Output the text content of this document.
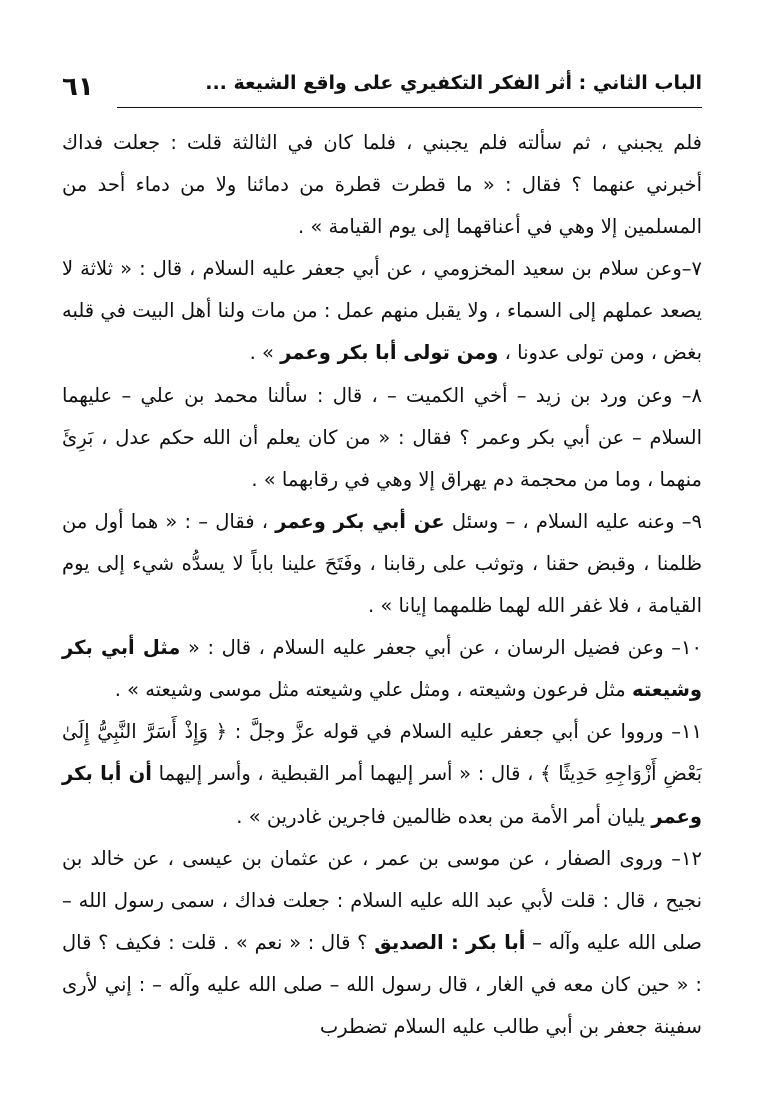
٦١	الباب الثاني : أثر الفكر التكفيري على واقع الشيعة ...

فلم يجبني ، ثم سألته فلم يجبني ، فلما كان في الثالثة قلت : جعلت فداك أخبرني عنهما ؟ فقال : « ما قطرت قطرة من دمائنا ولا من دماء أحد من المسلمين إلا وهي في أعناقهما إلى يوم القيامة » .

٧–وعن سلام بن سعيد المخزومي ، عن أبي جعفر عليه السلام ، قال : « ثلاثة لا يصعد عملهم إلى السماء ، ولا يقبل منهم عمل : من مات ولنا أهل البيت في قلبه بغض ، ومن تولى عدونا ، ومن تولى أبا بكر وعمر » .

٨– وعن ورد بن زيد – أخي الكميت – ، قال : سألنا محمد بن علي – عليهما السلام – عن أبي بكر وعمر ؟ فقال : « من كان يعلم أن الله حكم عدل ، بَرِئَ منهما ، وما من محجمة دم يهراق إلا وهي في رقابهما » .

٩– وعنه عليه السلام ، – وسئل عن أبي بكر وعمر ، فقال – : « هما أول من ظلمنا ، وقبض حقنا ، وتوثب على رقابنا ، وفَتَحَ علينا باباً لا يسدُّه شيء إلى يوم القيامة ، فلا غفر الله لهما ظلمهما إيانا » .

١٠– وعن فضيل الرسان ، عن أبي جعفر عليه السلام ، قال : « مثل أبي بكر وشيعته مثل فرعون وشيعته ، ومثل علي وشيعته مثل موسى وشيعته » .

١١– ورووا عن أبي جعفر عليه السلام في قوله عزَّ وجلَّ : ﴿ وَإِذْ أَسَرَّ النَّبِيُّ إِلَىٰ بَعْضِ أَزْوَاجِهِ حَدِيثًا ﴾ ، قال : « أسر إليهما أمر القبطية ، وأسر إليهما أن أبا بكر وعمر يليان أمر الأمة من بعده ظالمين فاجرين غادرين » .

١٢– وروى الصفار ، عن موسى بن عمر ، عن عثمان بن عيسى ، عن خالد بن نجيح ، قال : قلت لأبي عبد الله عليه السلام : جعلت فداك ، سمى رسول الله – صلى الله عليه وآله – أبا بكر : الصديق ؟ قال : « نعم » . قلت : فكيف ؟ قال : « حين كان معه في الغار ، قال رسول الله – صلى الله عليه وآله – : إني لأرى سفينة جعفر بن أبي طالب عليه السلام تضطرب
